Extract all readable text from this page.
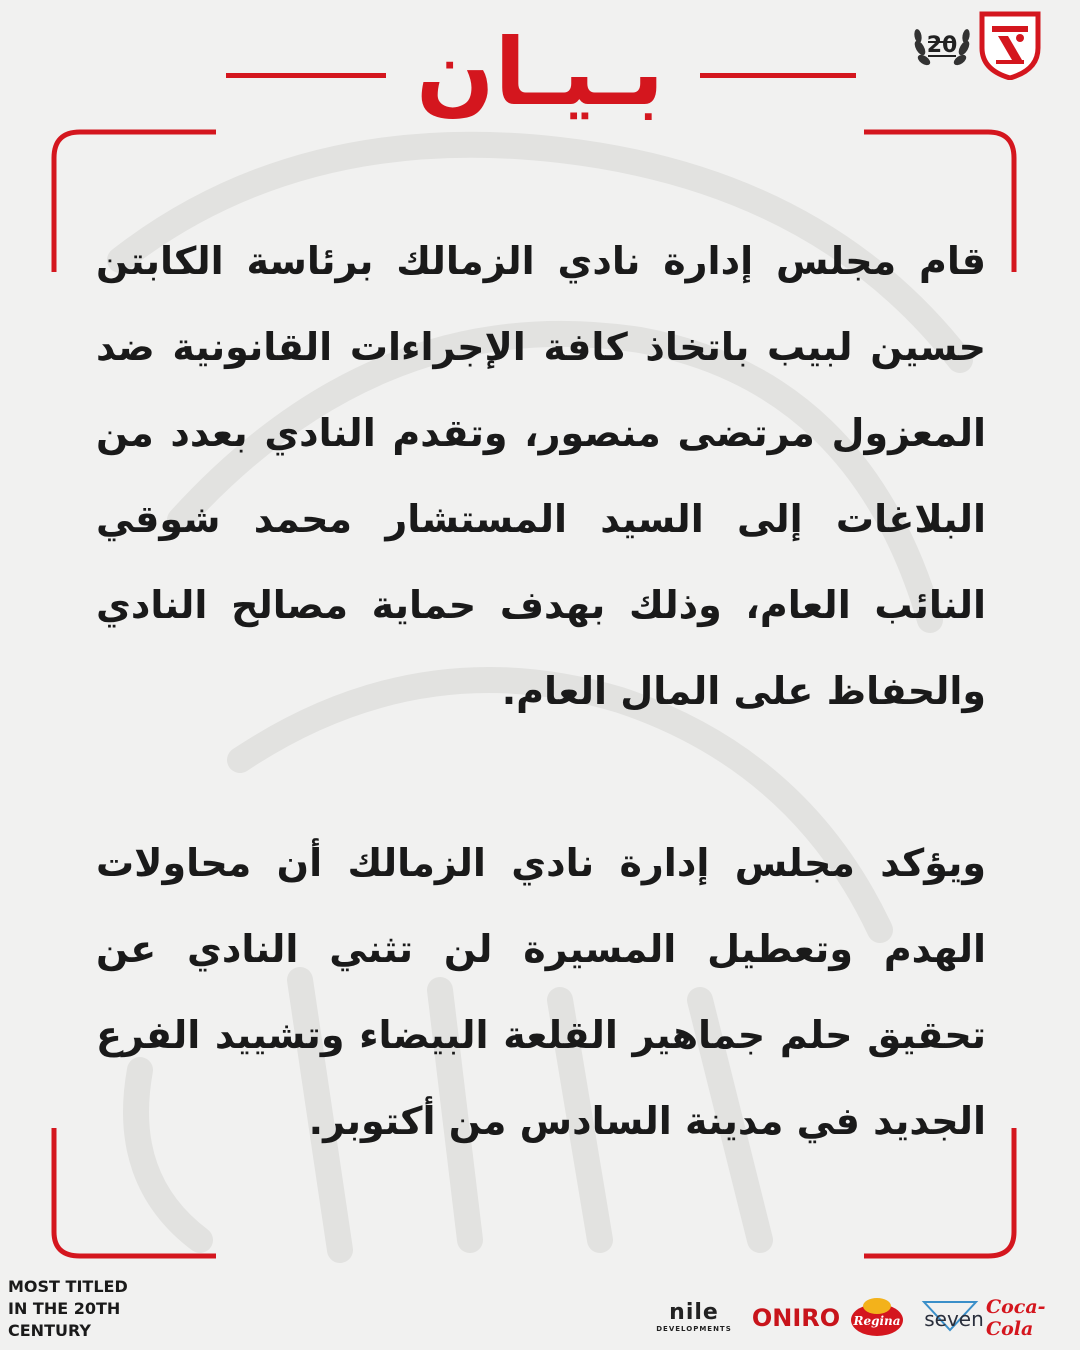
بـيـان	20
قام مجلس إدارة نادي الزمالك برئاسة الكابتن حسين لبيب باتخاذ كافة الإجراءات القانونية ضد المعزول مرتضى منصور، وتقدم النادي بعدد من البلاغات إلى السيد المستشار محمد شوقي النائب العام، وذلك بهدف حماية مصالح النادي والحفاظ على المال العام.
ويؤكد مجلس إدارة نادي الزمالك أن محاولات الهدم وتعطيل المسيرة لن تثني النادي عن تحقيق حلم جماهير القلعة البيضاء وتشييد الفرع الجديد في مدينة السادس من أكتوبر.
MOST TITLED
IN THE 20TH
CENTURY
nile
DEVELOPMENTS ONIRO Regina seven Coca-Cola
